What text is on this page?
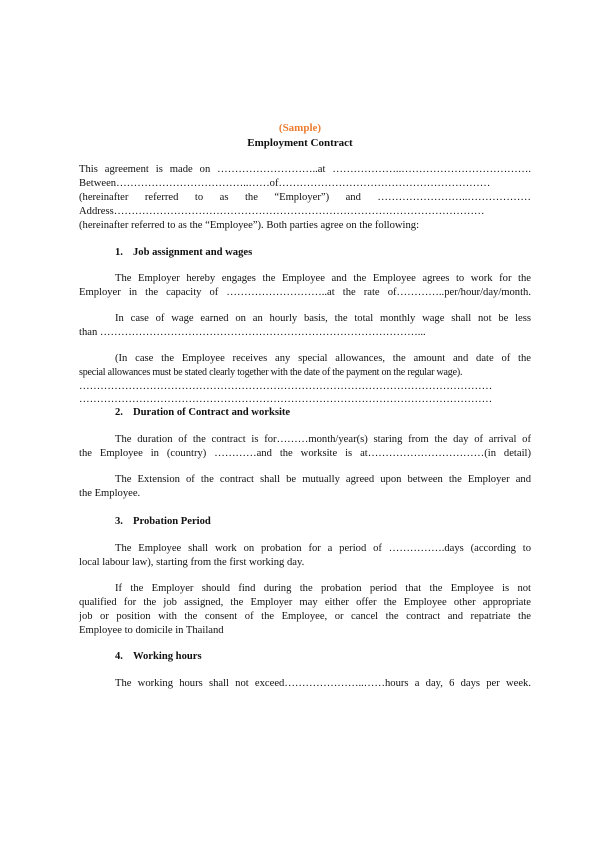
(Sample)
Employment Contract
This agreement is made on ………………………..at ………………..……………………………….
Between………………………………..……of……………………………………………………
(hereinafter referred to as the “Employer”) and ……………………..………………
Address……………………………………………………………………………………………
(hereinafter referred to as the “Employee”). Both parties agree on the following:
1. Job assignment and wages
The Employer hereby engages the Employee and the Employee agrees to work for the
Employer in the capacity of ………………………..at the rate of…………..per/hour/day/month.
In case of wage earned on an hourly basis, the total monthly wage shall not be less
than ………………………………………………………………………………...
(In case the Employee receives any special allowances, the amount and date of the
special allowances must be stated clearly together with the date of the payment on the regular wage).
………………………………………………………………………………………………………
………………………………………………………………………………………………………
2. Duration of Contract and worksite
The duration of the contract is for………month/year(s) staring from the day of arrival of
the Employee in (country) …………and the worksite is at……………………………(in detail)
The Extension of the contract shall be mutually agreed upon between the Employer and
the Employee.
3. Probation Period
The Employee shall work on probation for a period of …………….days (according to
local labour law), starting from the first working day.
If the Employer should find during the probation period that the Employee is not
qualified for the job assigned, the Employer may either offer the Employee other appropriate
job or position with the consent of the Employee, or cancel the contract and repatriate the
Employee to domicile in Thailand
4. Working hours
The working hours shall not exceed…………………..……hours a day, 6 days per week.
